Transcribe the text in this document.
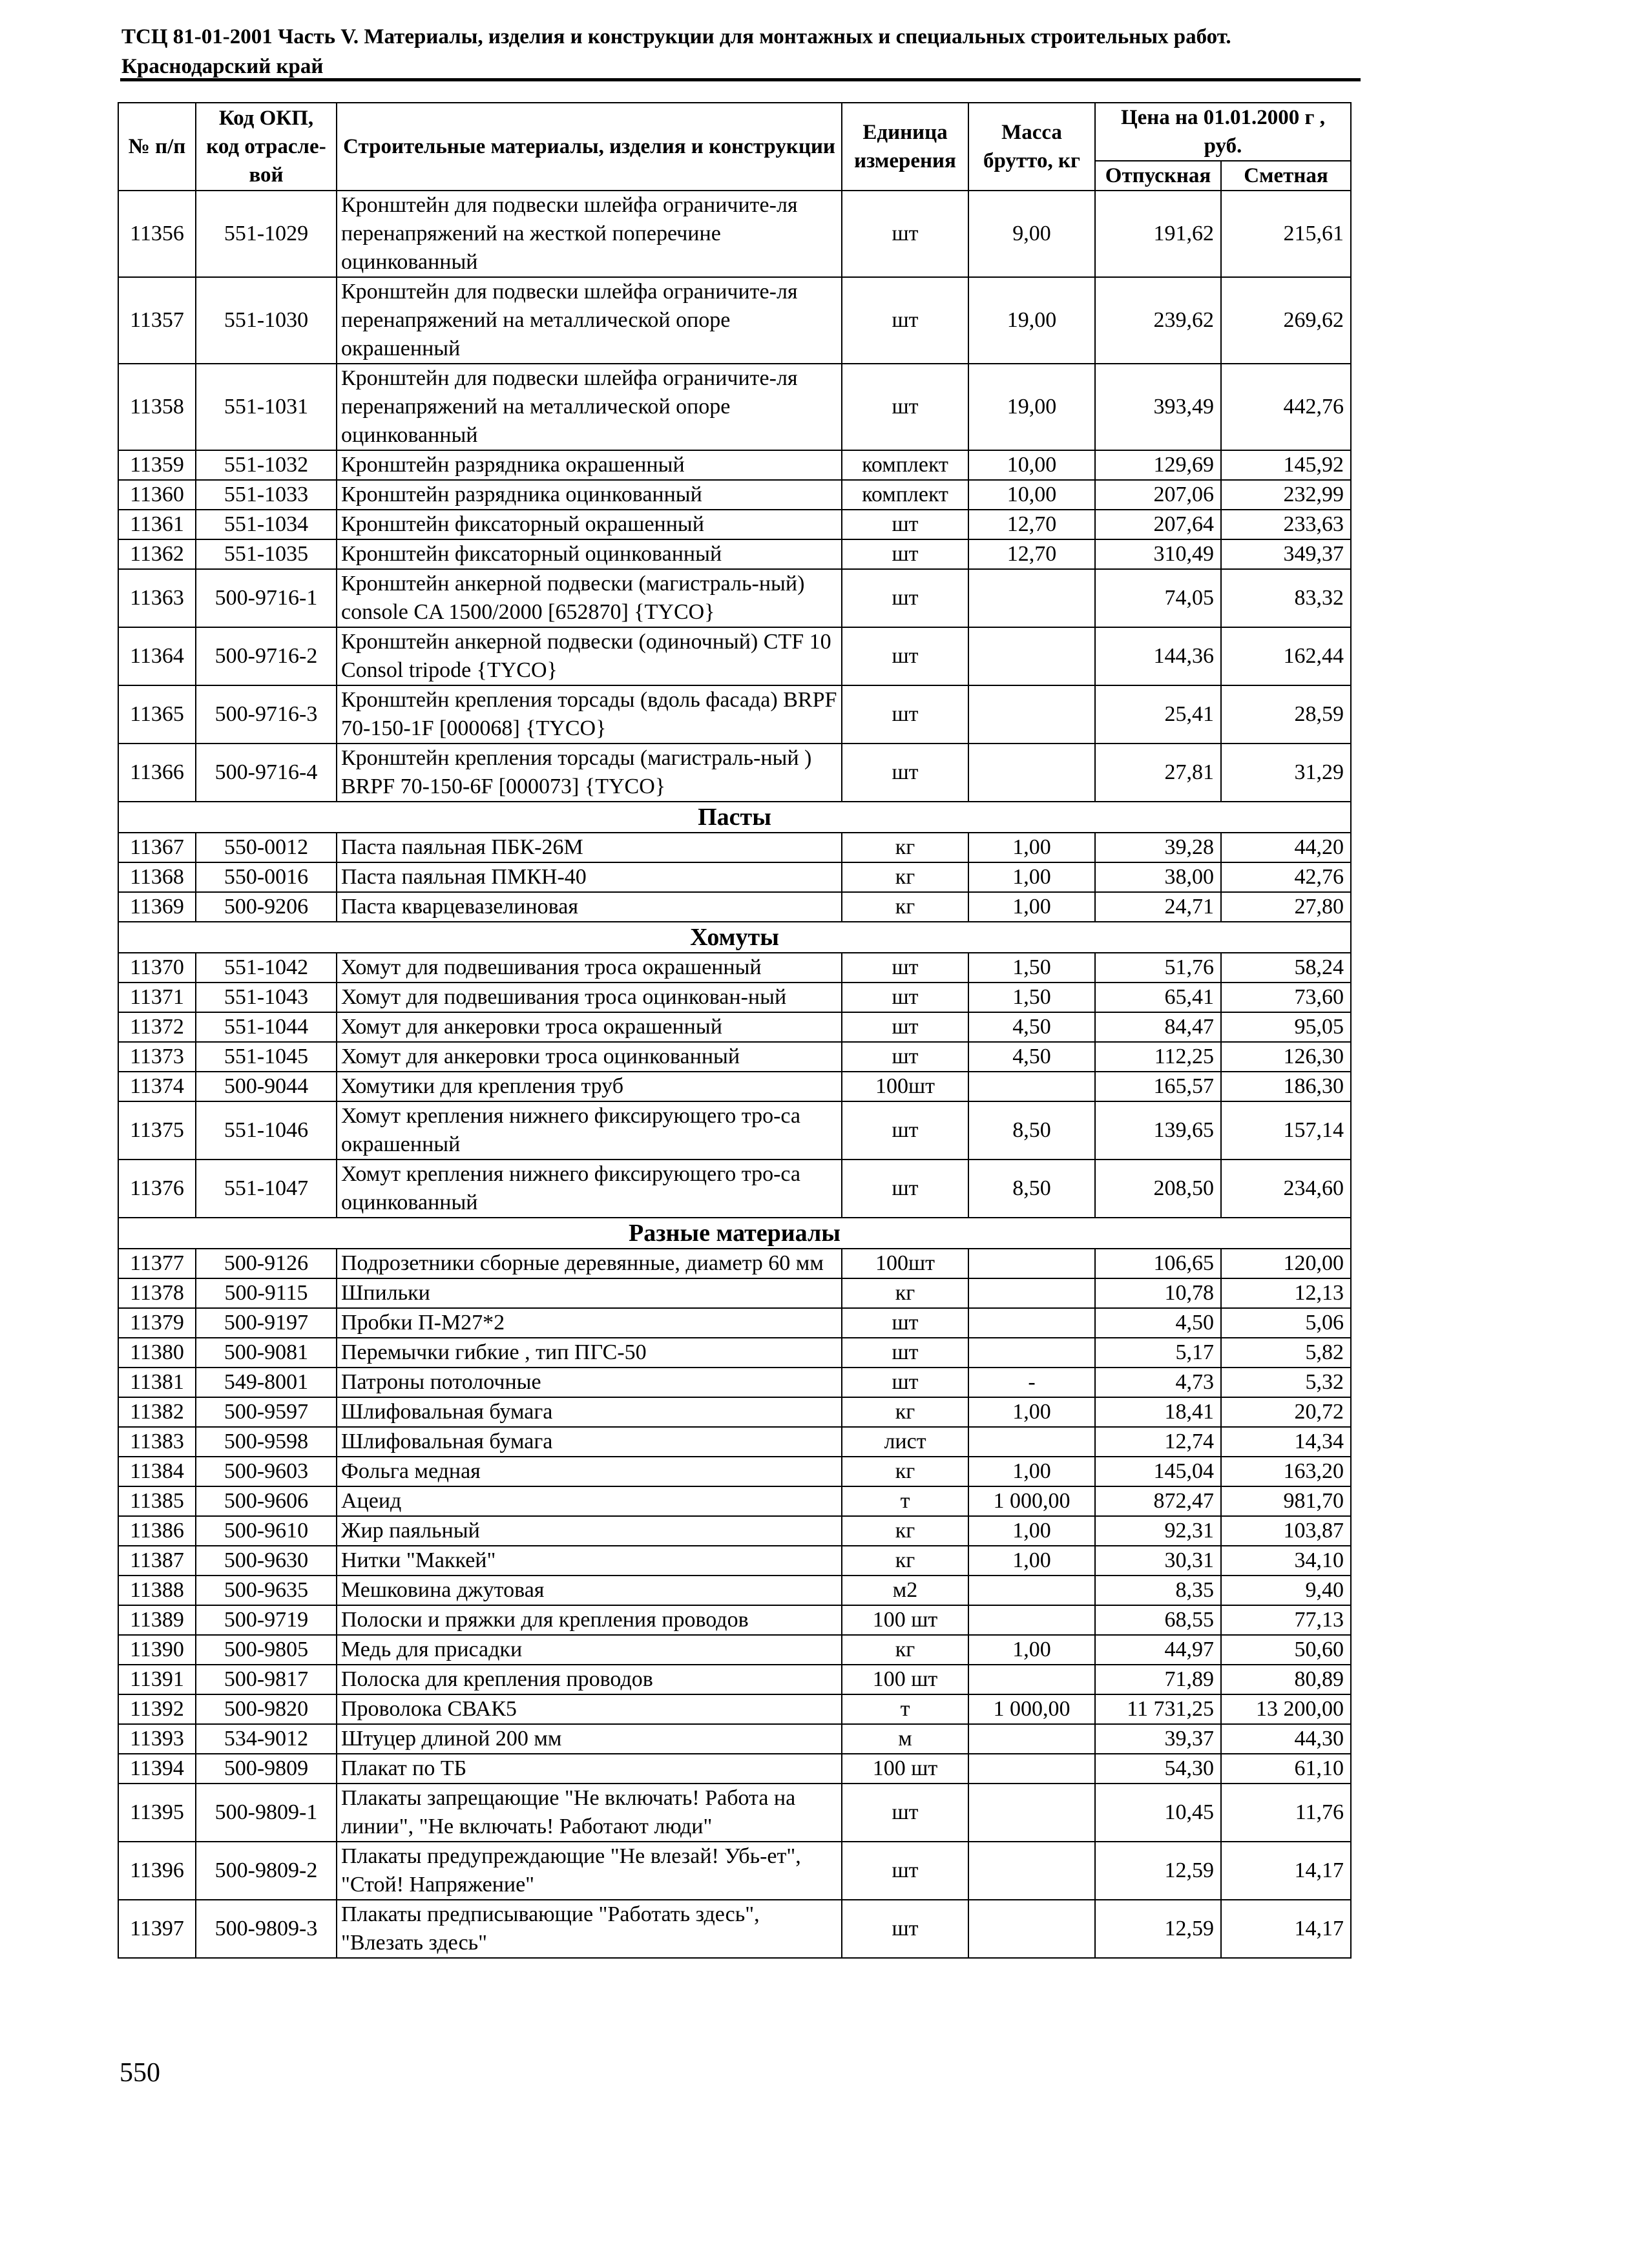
ТСЦ 81-01-2001 Часть V. Материалы, изделия и конструкции для монтажных и специальных строительных работ.
Краснодарский край
№ п/п	Код ОКП, код отрасле-вой	Строительные материалы, изделия и конструкции	Единица измерения	Масса брутто, кг	Цена на 01.01.2000 г , руб.	
					Отпускная	Сметная
11356	551-1029	Кронштейн для подвески шлейфа ограничите-ля перенапряжений на жесткой поперечине оцинкованный	шт	9,00	191,62	215,61
11357	551-1030	Кронштейн для подвески шлейфа ограничите-ля перенапряжений на металлической опоре окрашенный	шт	19,00	239,62	269,62
11358	551-1031	Кронштейн для подвески шлейфа ограничите-ля перенапряжений на металлической опоре оцинкованный	шт	19,00	393,49	442,76
11359	551-1032	Кронштейн разрядника окрашенный	комплект	10,00	129,69	145,92
11360	551-1033	Кронштейн разрядника оцинкованный	комплект	10,00	207,06	232,99
11361	551-1034	Кронштейн фиксаторный окрашенный	шт	12,70	207,64	233,63
11362	551-1035	Кронштейн фиксаторный оцинкованный	шт	12,70	310,49	349,37
11363	500-9716-1	Кронштейн анкерной подвески (магистраль-ный) console CA 1500/2000 [652870] {TYCO}	шт		74,05	83,32
11364	500-9716-2	Кронштейн анкерной подвески (одиночный) CTF 10 Consol tripode {TYCO}	шт		144,36	162,44
11365	500-9716-3	Кронштейн крепления торсады (вдоль фасада) BRPF 70-150-1F [000068] {TYCO}	шт		25,41	28,59
11366	500-9716-4	Кронштейн крепления торсады (магистраль-ный ) BRPF 70-150-6F [000073] {TYCO}	шт		27,81	31,29
Пасты						
11367	550-0012	Паста паяльная ПБК-26М	кг	1,00	39,28	44,20
11368	550-0016	Паста паяльная ПМКН-40	кг	1,00	38,00	42,76
11369	500-9206	Паста кварцевазелиновая	кг	1,00	24,71	27,80
Хомуты						
11370	551-1042	Хомут для подвешивания троса окрашенный	шт	1,50	51,76	58,24
11371	551-1043	Хомут для подвешивания троса оцинкован-ный	шт	1,50	65,41	73,60
11372	551-1044	Хомут для анкеровки троса окрашенный	шт	4,50	84,47	95,05
11373	551-1045	Хомут для анкеровки троса оцинкованный	шт	4,50	112,25	126,30
11374	500-9044	Хомутики для крепления труб	100шт		165,57	186,30
11375	551-1046	Хомут крепления нижнего фиксирующего тро-са окрашенный	шт	8,50	139,65	157,14
11376	551-1047	Хомут крепления нижнего фиксирующего тро-са оцинкованный	шт	8,50	208,50	234,60
Разные материалы						
11377	500-9126	Подрозетники сборные деревянные, диаметр 60 мм	100шт		106,65	120,00
11378	500-9115	Шпильки	кг		10,78	12,13
11379	500-9197	Пробки П-М27*2	шт		4,50	5,06
11380	500-9081	Перемычки гибкие , тип ПГС-50	шт		5,17	5,82
11381	549-8001	Патроны потолочные	шт	-	4,73	5,32
11382	500-9597	Шлифовальная бумага	кг	1,00	18,41	20,72
11383	500-9598	Шлифовальная бумага	лист		12,74	14,34
11384	500-9603	Фольга медная	кг	1,00	145,04	163,20
11385	500-9606	Ацеид	т	1 000,00	872,47	981,70
11386	500-9610	Жир паяльный	кг	1,00	92,31	103,87
11387	500-9630	Нитки "Маккей"	кг	1,00	30,31	34,10
11388	500-9635	Мешковина джутовая	м2		8,35	9,40
11389	500-9719	Полоски и пряжки для крепления проводов	100 шт		68,55	77,13
11390	500-9805	Медь для присадки	кг	1,00	44,97	50,60
11391	500-9817	Полоска для крепления проводов	100 шт		71,89	80,89
11392	500-9820	Проволока СВАК5	т	1 000,00	11 731,25	13 200,00
11393	534-9012	Штуцер длиной 200 мм	м		39,37	44,30
11394	500-9809	Плакат по ТБ	100 шт		54,30	61,10
11395	500-9809-1	Плакаты запрещающие "Не включать! Работа на линии", "Не включать! Работают люди"	шт		10,45	11,76
11396	500-9809-2	Плакаты предупреждающие "Не влезай! Убь-ет", "Стой! Напряжение"	шт		12,59	14,17
11397	500-9809-3	Плакаты предписывающие "Работать здесь", "Влезать здесь"	шт		12,59	14,17
550
